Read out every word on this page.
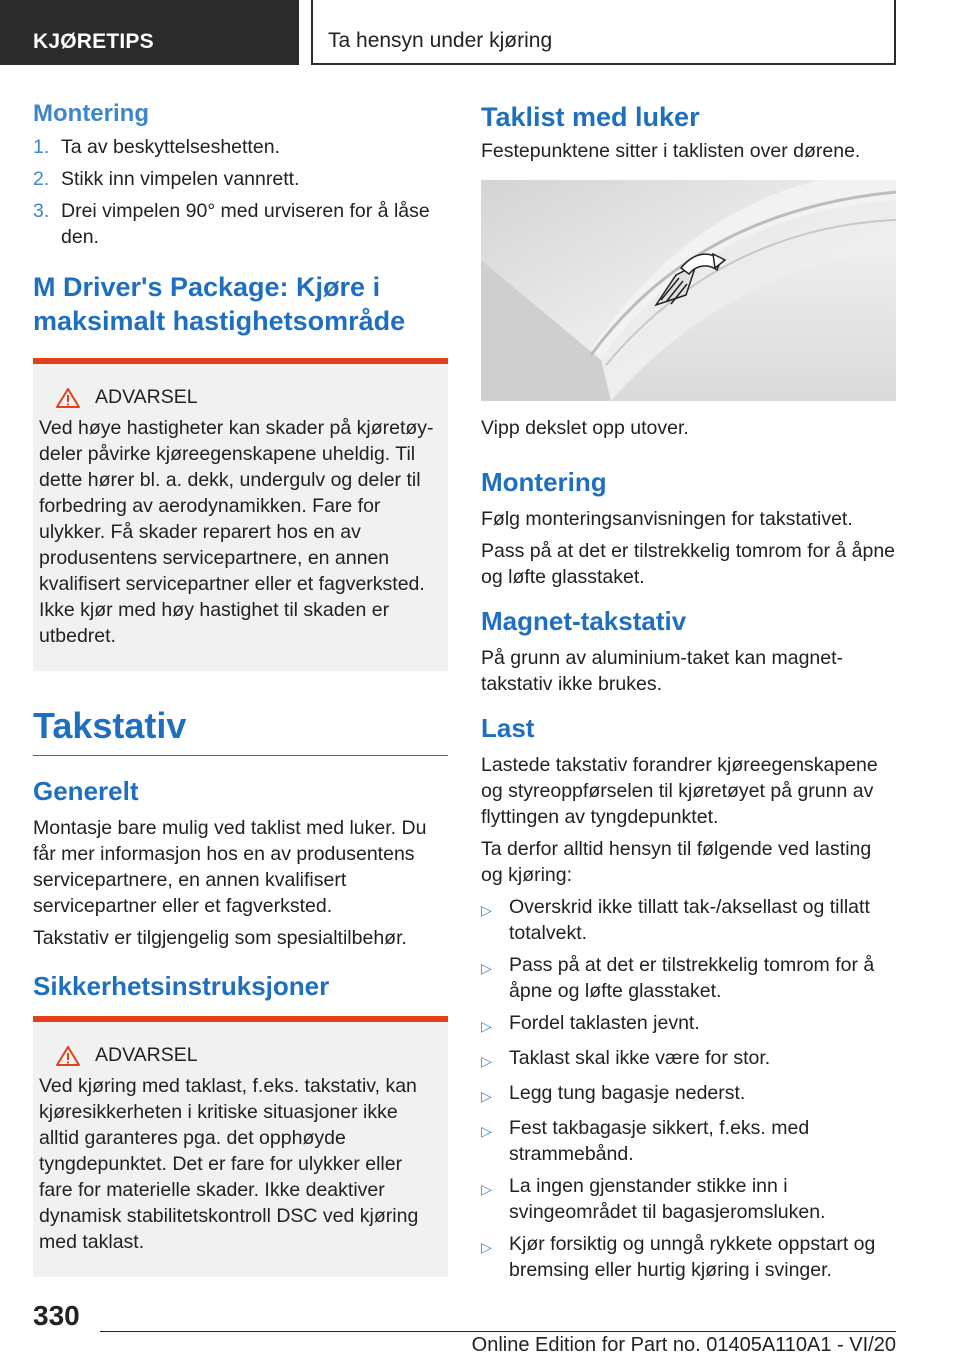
KJØRETIPS	Ta hensyn under kjøring
Montering
1. Ta av beskyttelseshetten.
2. Stikk inn vimpelen vannrett.
3. Drei vimpelen 90° med urviseren for å låse den.
M Driver's Package: Kjøre i maksimalt hastighetsområde
ADVARSEL

Ved høye hastigheter kan skader på kjøretøydeler påvirke kjøreegenskapene uheldig. Til dette hører bl. a. dekk, undergulv og deler til forbedring av aerodynamikken. Fare for ulykker. Få skader reparert hos en av produsentens servicepartnere, en annen kvalifisert servicepartner eller et fagverksted. Ikke kjør med høy hastighet til skaden er utbedret.

Takstativ
Generelt

Montasje bare mulig ved taklist med luker. Du får mer informasjon hos en av produsentens servicepartnere, en annen kvalifisert servicepartner eller et fagverksted.

Takstativ er tilgjengelig som spesialtilbehør.

Sikkerhetsinstruksjoner
ADVARSEL

Ved kjøring med taklast, f.eks. takstativ, kan kjøresikkerheten i kritiske situasjoner ikke alltid garanteres pga. det opphøyde tyngdepunktet. Det er fare for ulykker eller fare for materielle skader. Ikke deaktiver dynamisk stabilitetskontroll DSC ved kjøring med taklast.

Taklist med luker

Festepunktene sitter i taklisten over dørene.

Vipp dekslet opp utover.

Montering

Følg monteringsanvisningen for takstativet.

Pass på at det er tilstrekkelig tomrom for å åpne og løfte glasstaket.

Magnet-takstativ

På grunn av aluminium-taket kan magnet-takstativ ikke brukes.

Last

Lastede takstativ forandrer kjøreegenskapene og styreoppførselen til kjøretøyet på grunn av flyttingen av tyngdepunktet.

Ta derfor alltid hensyn til følgende ved lasting og kjøring:

▷ Overskrid ikke tillatt tak-/aksellast og tillatt totalvekt.
▷ Pass på at det er tilstrekkelig tomrom for å åpne og løfte glasstaket.
▷ Fordel taklasten jevnt.
▷ Taklast skal ikke være for stor.
▷ Legg tung bagasje nederst.
▷ Fest takbagasje sikkert, f.eks. med strammebånd.
▷ La ingen gjenstander stikke inn i svingeområdet til bagasjeromsluken.
▷ Kjør forsiktig og unngå rykkete oppstart og bremsing eller hurtig kjøring i svinger.
330
Online Edition for Part no. 01405A110A1 - VI/20
